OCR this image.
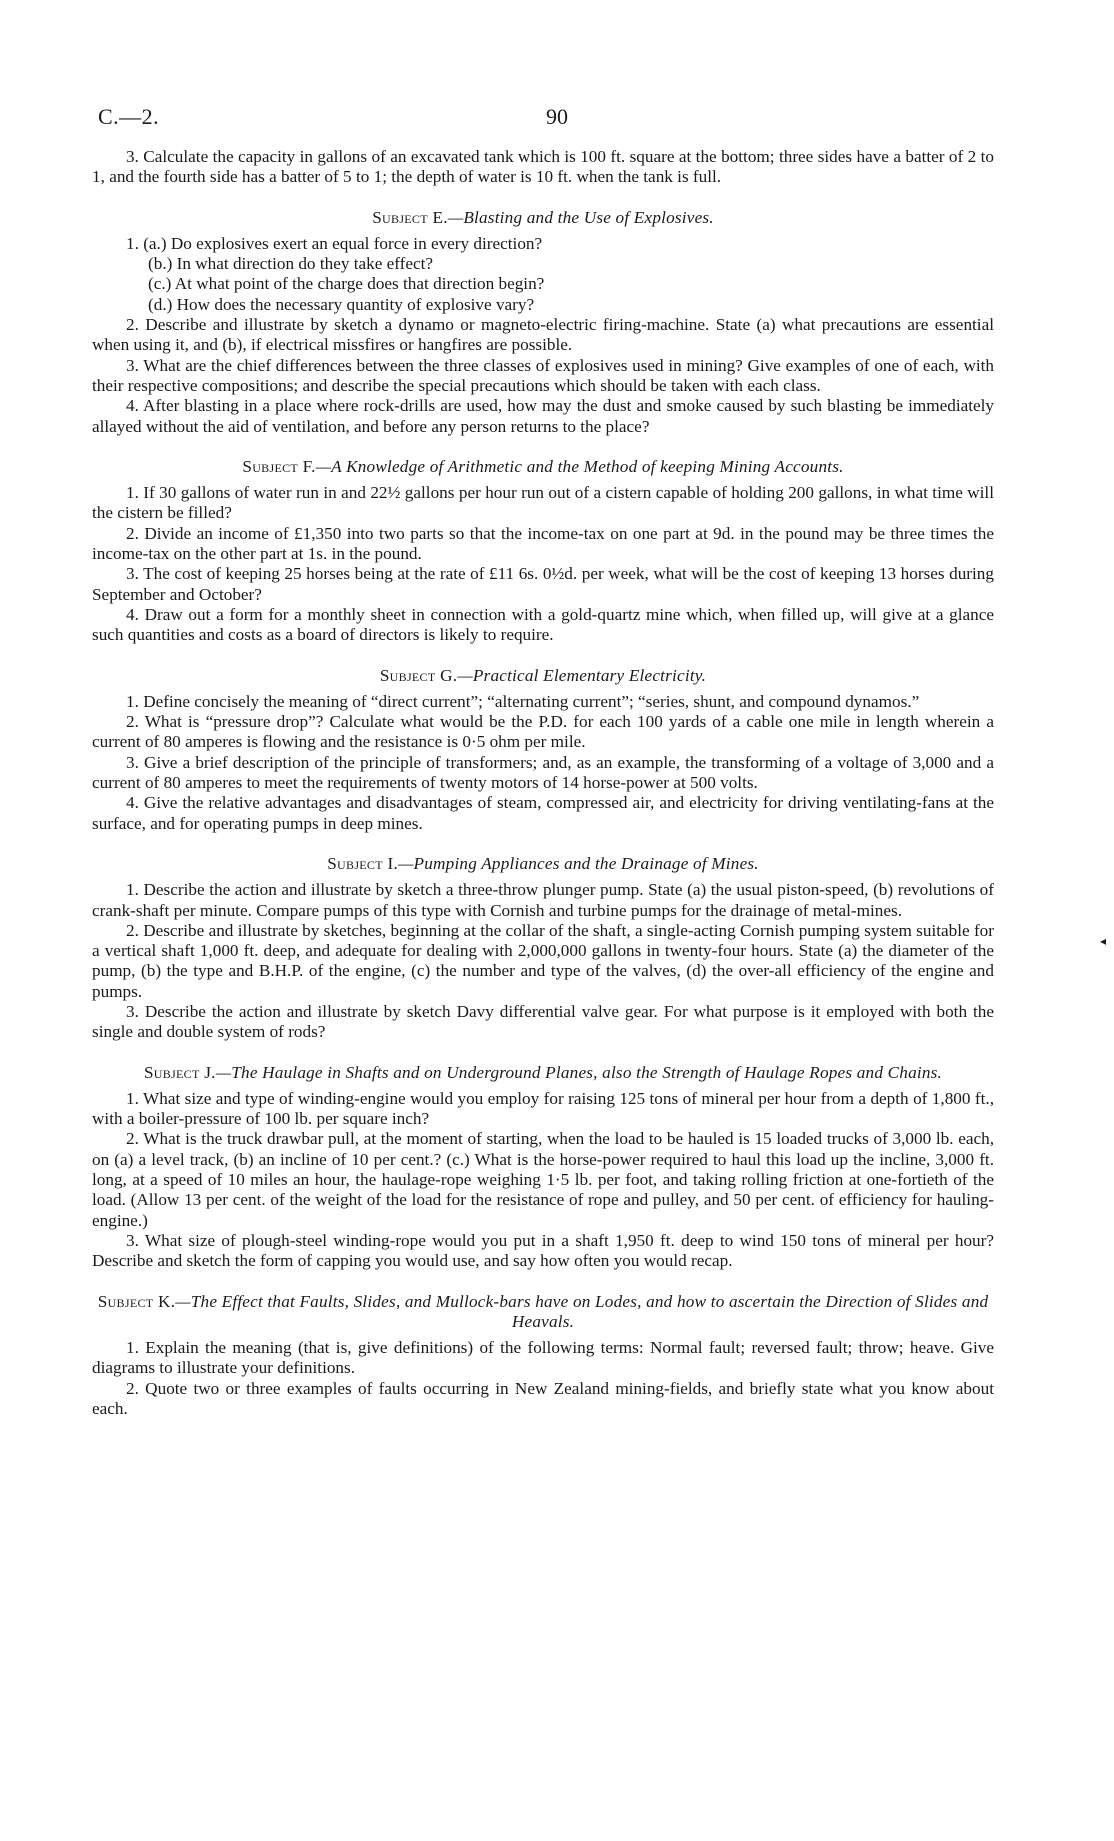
C.—2.	90

3. Calculate the capacity in gallons of an excavated tank which is 100 ft. square at the bottom; three sides have a batter of 2 to 1, and the fourth side has a batter of 5 to 1; the depth of water is 10 ft. when the tank is full.

Subject E.—Blasting and the Use of Explosives.

1. (a.) Do explosives exert an equal force in every direction?

(b.) In what direction do they take effect?

(c.) At what point of the charge does that direction begin?

(d.) How does the necessary quantity of explosive vary?

2. Describe and illustrate by sketch a dynamo or magneto-electric firing-machine. State (a) what precautions are essential when using it, and (b), if electrical missfires or hangfires are possible.

3. What are the chief differences between the three classes of explosives used in mining? Give examples of one of each, with their respective compositions; and describe the special precautions which should be taken with each class.

4. After blasting in a place where rock-drills are used, how may the dust and smoke caused by such blasting be immediately allayed without the aid of ventilation, and before any person returns to the place?

Subject F.—A Knowledge of Arithmetic and the Method of keeping Mining Accounts.

1. If 30 gallons of water run in and 22½ gallons per hour run out of a cistern capable of holding 200 gallons, in what time will the cistern be filled?

2. Divide an income of £1,350 into two parts so that the income-tax on one part at 9d. in the pound may be three times the income-tax on the other part at 1s. in the pound.

3. The cost of keeping 25 horses being at the rate of £11 6s. 0½d. per week, what will be the cost of keeping 13 horses during September and October?

4. Draw out a form for a monthly sheet in connection with a gold-quartz mine which, when filled up, will give at a glance such quantities and costs as a board of directors is likely to require.

Subject G.—Practical Elementary Electricity.

1. Define concisely the meaning of “direct current”; “alternating current”; “series, shunt, and compound dynamos.”

2. What is “pressure drop”? Calculate what would be the P.D. for each 100 yards of a cable one mile in length wherein a current of 80 amperes is flowing and the resistance is 0·5 ohm per mile.

3. Give a brief description of the principle of transformers; and, as an example, the transforming of a voltage of 3,000 and a current of 80 amperes to meet the requirements of twenty motors of 14 horse-power at 500 volts.

4. Give the relative advantages and disadvantages of steam, compressed air, and electricity for driving ventilating-fans at the surface, and for operating pumps in deep mines.

Subject I.—Pumping Appliances and the Drainage of Mines.

1. Describe the action and illustrate by sketch a three-throw plunger pump. State (a) the usual piston-speed, (b) revolutions of crank-shaft per minute. Compare pumps of this type with Cornish and turbine pumps for the drainage of metal-mines.

2. Describe and illustrate by sketches, beginning at the collar of the shaft, a single-acting Cornish pumping system suitable for a vertical shaft 1,000 ft. deep, and adequate for dealing with 2,000,000 gallons in twenty-four hours. State (a) the diameter of the pump, (b) the type and B.H.P. of the engine, (c) the number and type of the valves, (d) the over-all efficiency of the engine and pumps.

3. Describe the action and illustrate by sketch Davy differential valve gear. For what purpose is it employed with both the single and double system of rods?

Subject J.—The Haulage in Shafts and on Underground Planes, also the Strength of Haulage Ropes and Chains.

1. What size and type of winding-engine would you employ for raising 125 tons of mineral per hour from a depth of 1,800 ft., with a boiler-pressure of 100 lb. per square inch?

2. What is the truck drawbar pull, at the moment of starting, when the load to be hauled is 15 loaded trucks of 3,000 lb. each, on (a) a level track, (b) an incline of 10 per cent.? (c.) What is the horse-power required to haul this load up the incline, 3,000 ft. long, at a speed of 10 miles an hour, the haulage-rope weighing 1·5 lb. per foot, and taking rolling friction at one-fortieth of the load. (Allow 13 per cent. of the weight of the load for the resistance of rope and pulley, and 50 per cent. of efficiency for hauling-engine.)

3. What size of plough-steel winding-rope would you put in a shaft 1,950 ft. deep to wind 150 tons of mineral per hour? Describe and sketch the form of capping you would use, and say how often you would recap.

Subject K.—The Effect that Faults, Slides, and Mullock-bars have on Lodes, and how to ascertain the Direction of Slides and Heavals.

1. Explain the meaning (that is, give definitions) of the following terms: Normal fault; reversed fault; throw; heave. Give diagrams to illustrate your definitions.

2. Quote two or three examples of faults occurring in New Zealand mining-fields, and briefly state what you know about each.

◂
